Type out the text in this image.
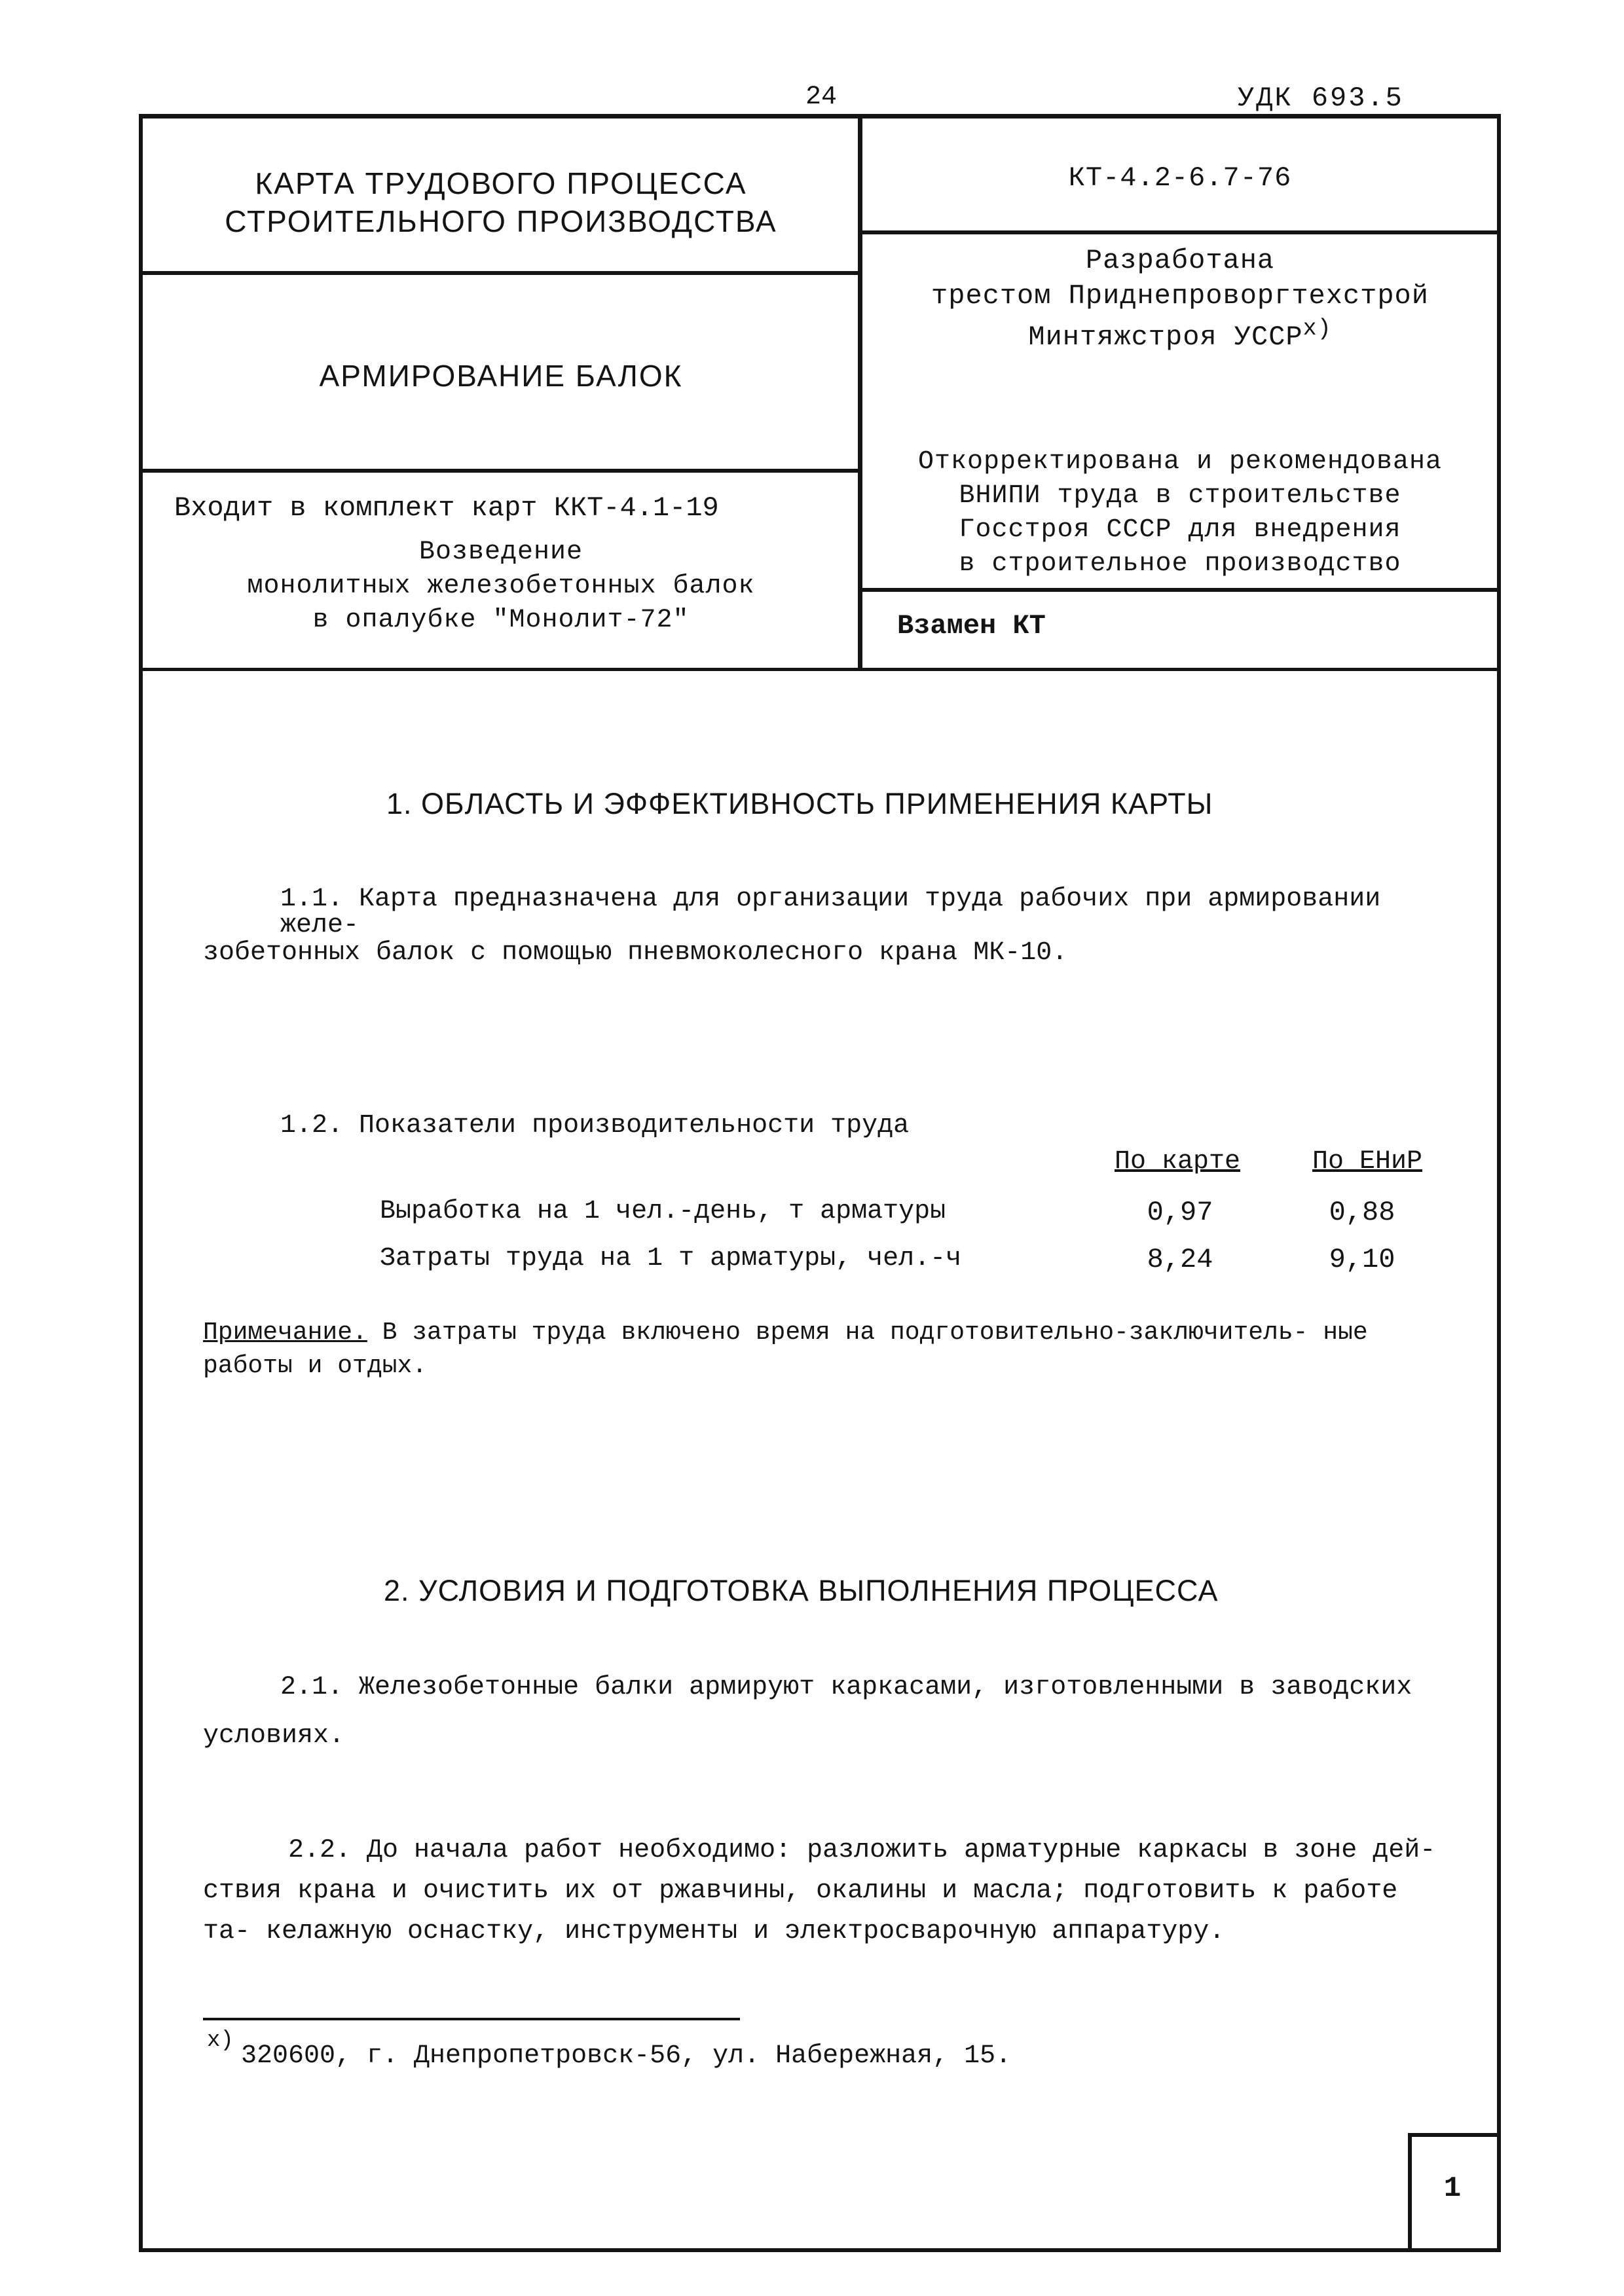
24	УДК 693.5
КАРТА ТРУДОВОГО ПРОЦЕССА
СТРОИТЕЛЬНОГО ПРОИЗВОДСТВА
КТ-4.2-6.7-76
АРМИРОВАНИЕ БАЛОК
Разработана
трестом Приднепроворгтехстрой
Минтяжстроя УССР$^{x)}$
Откорректирована и рекомендована
ВНИПИ труда в строительстве
Госстроя СССР для внедрения
в строительное производство
Входит в комплект карт ККТ-4.1-19
Возведение
монолитных железобетонных балок
в опалубке "Монолит-72"	Взамен КТ
1. ОБЛАСТЬ И ЭФФЕКТИВНОСТЬ ПРИМЕНЕНИЯ КАРТЫ
1.1. Карта предназначена для организации труда рабочих при армировании желе-
зобетонных балок с помощью пневмоколесного крана МК-10.
1.2. Показатели производительности труда
По карте	По ЕНиР
Выработка на 1 чел.-день, т арматуры	0,97	0,88
Затраты труда на 1 т арматуры, чел.-ч	8,24	9,10
Примечание. В затраты труда включено время на подготовительно-заключитель- ные работы и отдых.
2. УСЛОВИЯ И ПОДГОТОВКА ВЫПОЛНЕНИЯ ПРОЦЕССА
2.1. Железобетонные балки армируют каркасами, изготовленными в заводских
условиях.
2.2. До начала работ необходимо: разложить арматурные каркасы в зоне дей- ствия крана и очистить их от ржавчины, окалины и масла; подготовить к работе та- келажную оснастку, инструменты и электросварочную аппаратуру.
x)
320600, г. Днепропетровск-56, ул. Набережная, 15.
1
